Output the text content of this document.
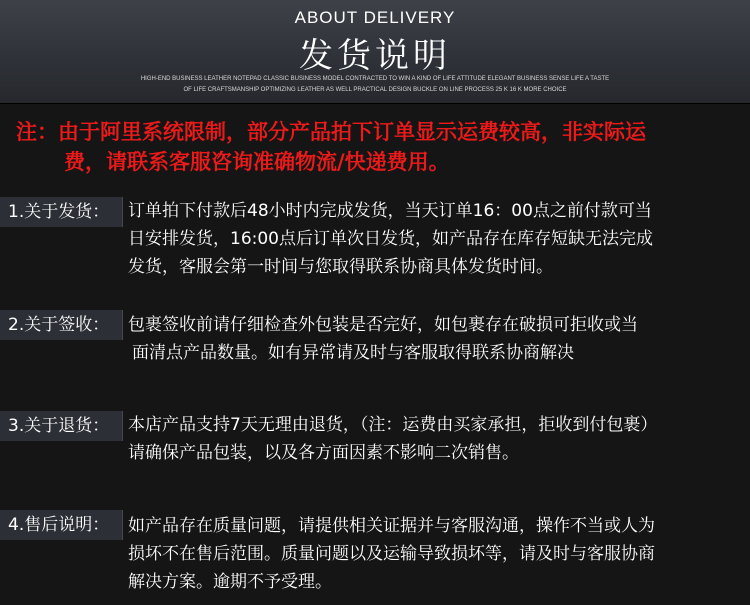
ABOUT DELIVERY
发货说明
HIGH-END BUSINESS LEATHER NOTEPAD CLASSIC BUSINESS MODEL CONTRACTED TO WIN A KIND OF LIFE ATTITUDE ELEGANT BUSINESS SENSE LIFE A TASTE
OF LIFE CRAFTSMANSHIP OPTIMIZING LEATHER AS WELL PRACTICAL DESIGN BUCKLE ON LINE PROCESS 25 K 16 K MORE CHOICE
注：由于阿里系统限制，部分产品拍下订单显示运费较高，非实际运
费，请联系客服咨询准确物流/快递费用。
1.关于发货：	订单拍下付款后48小时内完成发货，当天订单16：00点之前付款可当
日安排发货，16:00点后订单次日发货，如产品存在库存短缺无法完成
发货，客服会第一时间与您取得联系协商具体发货时间。
2.关于签收：	包裹签收前请仔细检查外包装是否完好，如包裹存在破损可拒收或当
面清点产品数量。如有异常请及时与客服取得联系协商解决
3.关于退货：	本店产品支持7天无理由退货，（注：运费由买家承担，拒收到付包裹）
请确保产品包装，以及各方面因素不影响二次销售。
4.售后说明：	如产品存在质量问题，请提供相关证据并与客服沟通，操作不当或人为
损坏不在售后范围。质量问题以及运输导致损坏等，请及时与客服协商
解决方案。逾期不予受理。
